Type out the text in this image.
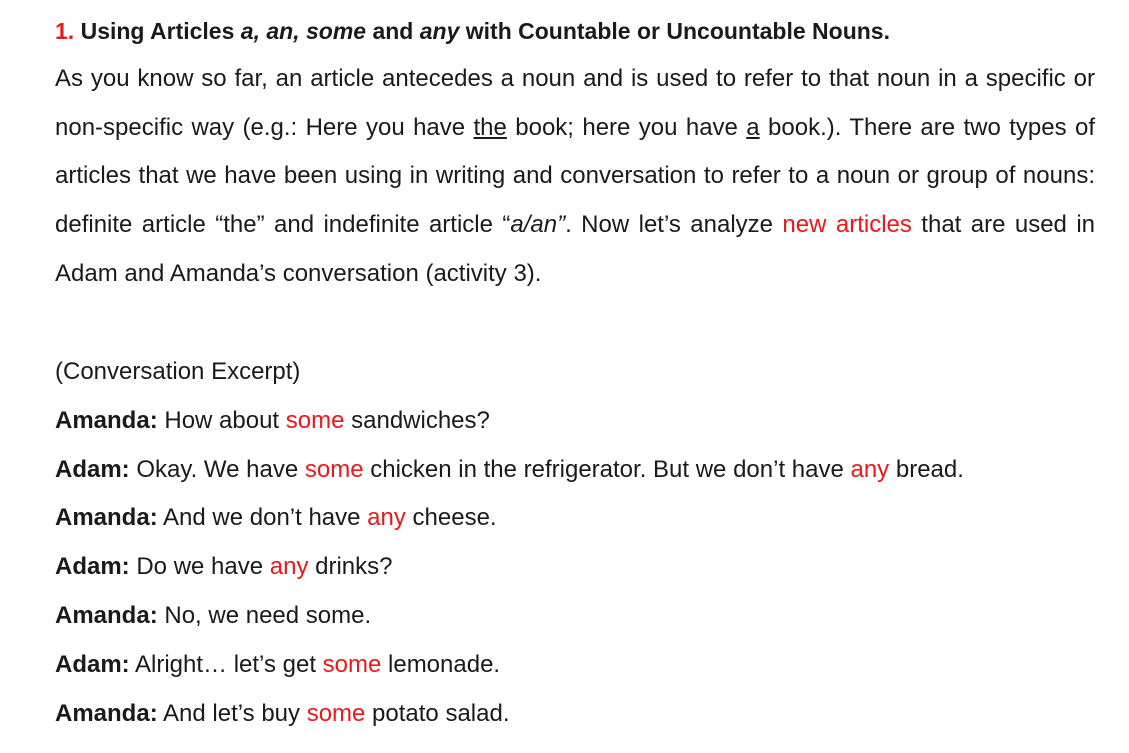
1. Using Articles a, an, some and any with Countable or Uncountable Nouns.
As you know so far, an article antecedes a noun and is used to refer to that noun in a specific or
non-specific way (e.g.: Here you have the book; here you have a book.). There are two types of
articles that we have been using in writing and conversation to refer to a noun or group of nouns:
definite article “the” and indefinite article “a/an”. Now let’s analyze new articles that are used in
Adam and Amanda’s conversation (activity 3).
(Conversation Excerpt)
Amanda: How about some sandwiches?
Adam: Okay. We have some chicken in the refrigerator. But we don’t have any bread.
Amanda: And we don’t have any cheese.
Adam: Do we have any drinks?
Amanda: No, we need some.
Adam: Alright… let’s get some lemonade.
Amanda: And let’s buy some potato salad.
